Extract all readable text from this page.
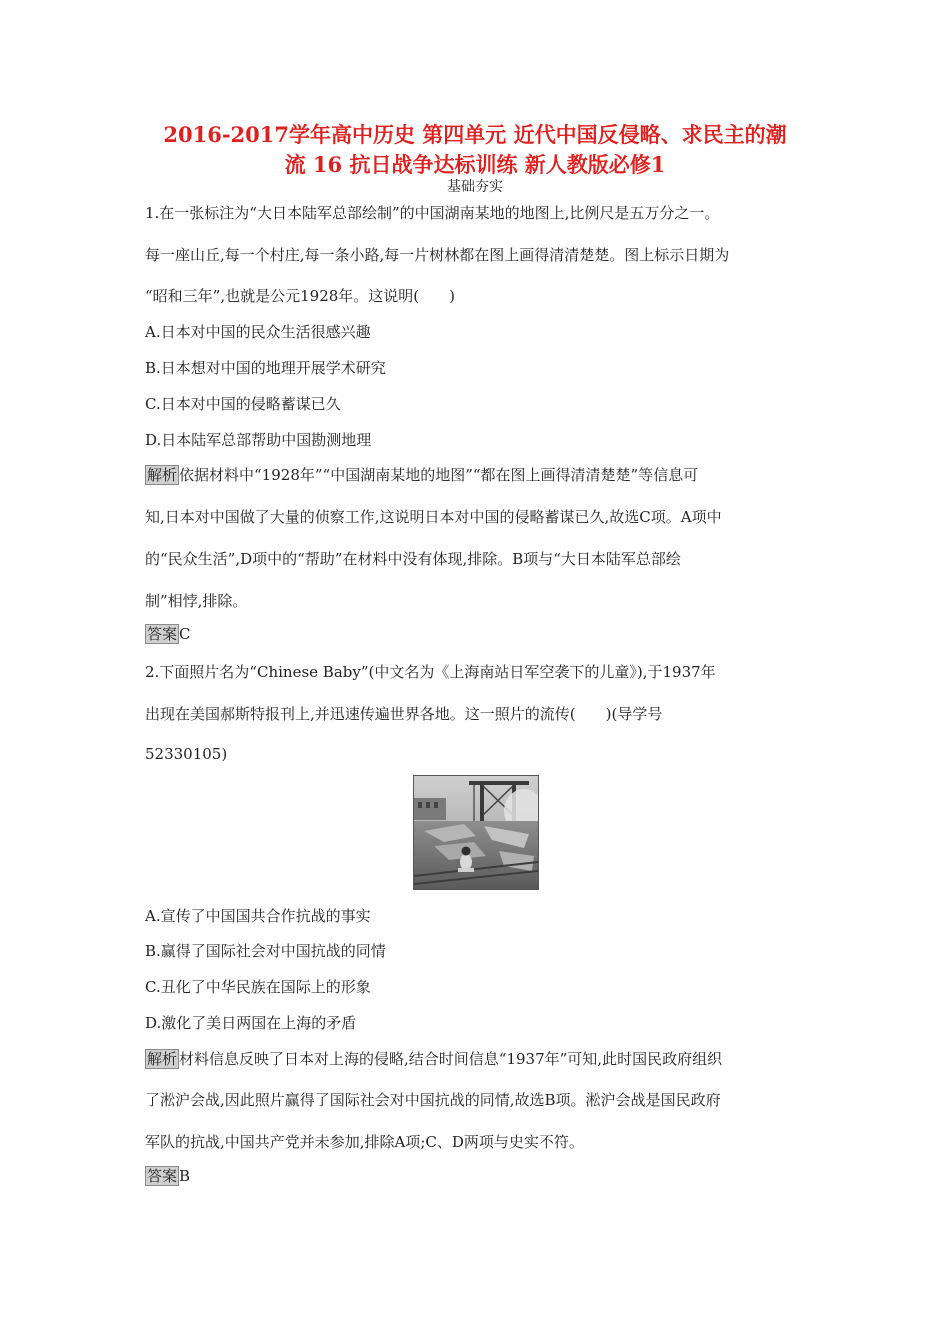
2016-2017学年高中历史 第四单元 近代中国反侵略、求民主的潮
流 16 抗日战争达标训练 新人教版必修1
基础夯实
1.在一张标注为“大日本陆军总部绘制”的中国湖南某地的地图上,比例尺是五万分之一。
每一座山丘,每一个村庄,每一条小路,每一片树林都在图上画得清清楚楚。图上标示日期为
“昭和三年”,也就是公元1928年。这说明(　　)
A.日本对中国的民众生活很感兴趣
B.日本想对中国的地理开展学术研究
C.日本对中国的侵略蓄谋已久
D.日本陆军总部帮助中国勘测地理
解析 依据材料中“1928年”“中国湖南某地的地图”“都在图上画得清清楚楚”等信息可
知,日本对中国做了大量的侦察工作,这说明日本对中国的侵略蓄谋已久,故选C项。A项中
的“民众生活”,D项中的“帮助”在材料中没有体现,排除。B项与“大日本陆军总部绘
制”相悖,排除。
答案 C
2.下面照片名为“Chinese Baby”(中文名为《上海南站日军空袭下的儿童》),于1937年
出现在美国郝斯特报刊上,并迅速传遍世界各地。这一照片的流传(　　)(导学号
52330105)
A.宣传了中国国共合作抗战的事实
B.赢得了国际社会对中国抗战的同情
C.丑化了中华民族在国际上的形象
D.激化了美日两国在上海的矛盾
解析 材料信息反映了日本对上海的侵略,结合时间信息“1937年”可知,此时国民政府组织
了淞沪会战,因此照片赢得了国际社会对中国抗战的同情,故选B项。淞沪会战是国民政府
军队的抗战,中国共产党并未参加,排除A项;C、D两项与史实不符。
答案 B
